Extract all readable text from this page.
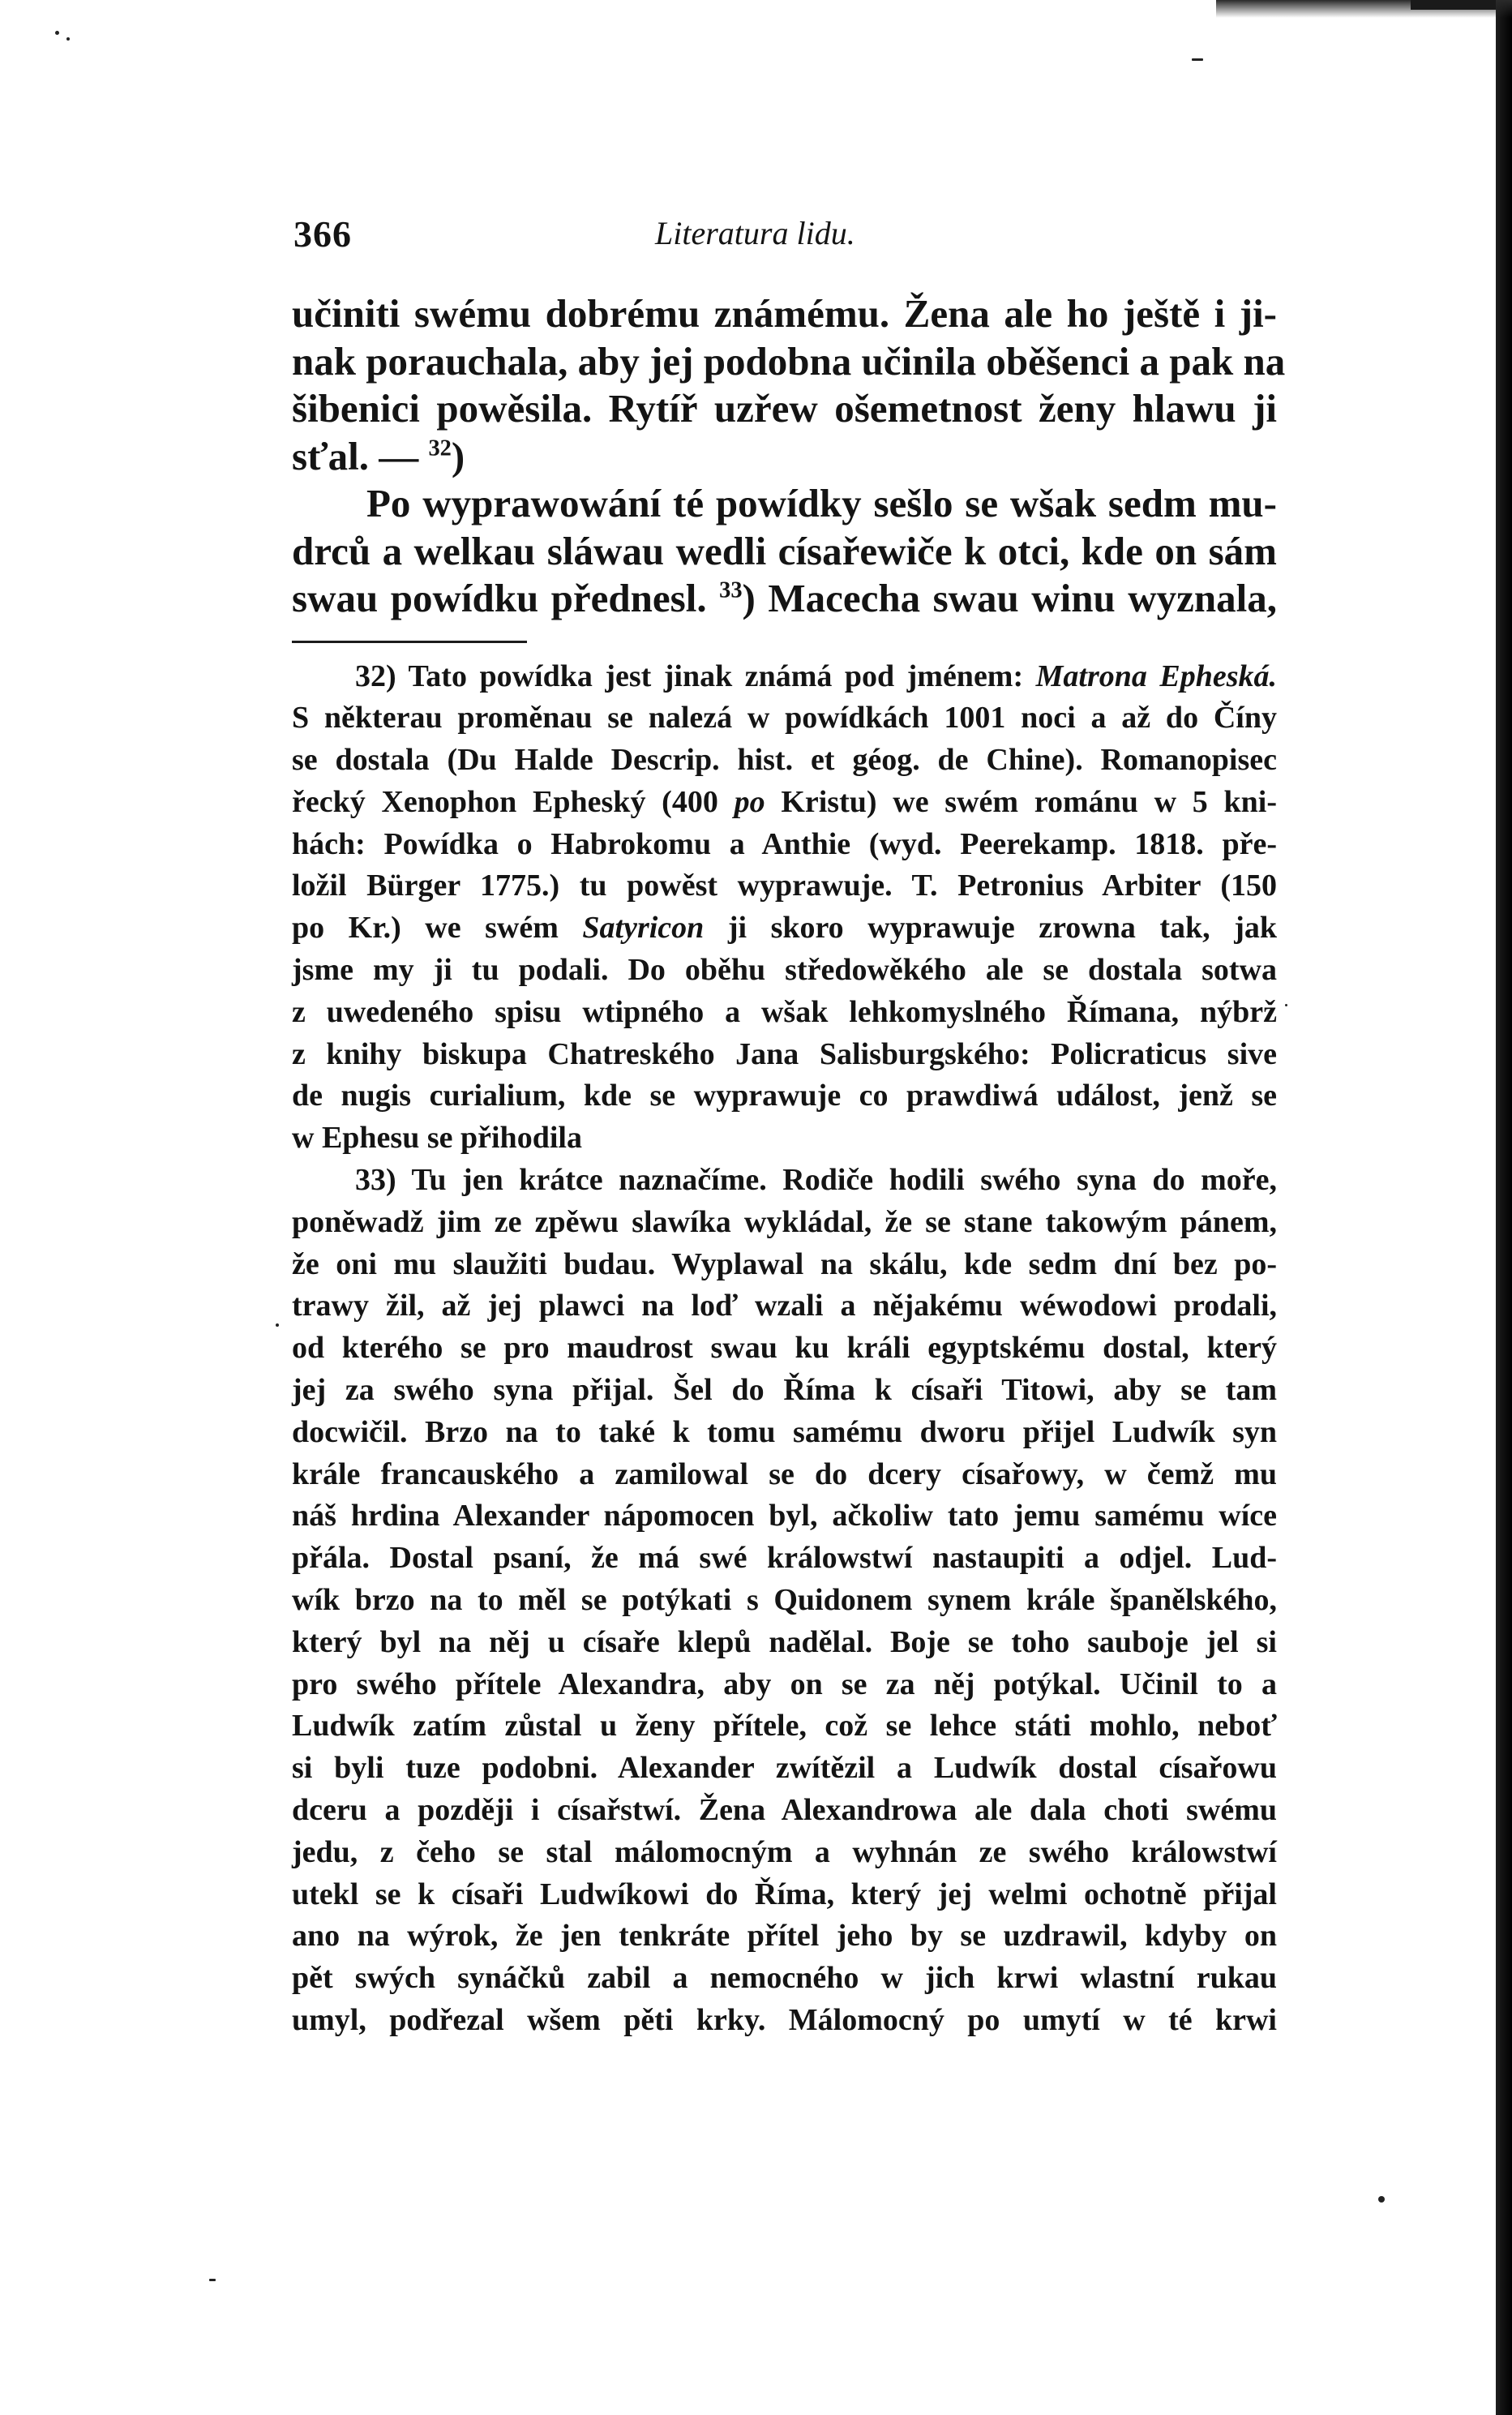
366	Literatura lidu.
učiniti swému dobrému známému. Žena ale ho ještě i ji-
nak porauchala, aby jej podobna učinila oběšenci a pak na
šibenici powěsila. Rytíř uzřew ošemetnost ženy hlawu ji
sťal. — $^{32}$)
Po wyprawowání té powídky sešlo se wšak sedm mu-
drců a welkau sláwau wedli císařewiče k otci, kde on sám
swau powídku přednesl. $^{33}$) Macecha swau winu wyznala,
32) Tato powídka jest jinak známá pod jménem: Matrona Epheská.
S některau proměnau se nalezá w powídkách 1001 noci a až do Číny
se dostala (Du Halde Descrip. hist. et géog. de Chine). Romanopisec
řecký Xenophon Epheský (400 po Kristu) we swém románu w 5 kni-
hách: Powídka o Habrokomu a Anthie (wyd. Peerekamp. 1818. pře-
ložil Bürger 1775.) tu powěst wyprawuje. T. Petronius Arbiter (150
po Kr.) we swém Satyricon ji skoro wyprawuje zrowna tak, jak
jsme my ji tu podali. Do oběhu středowěkého ale se dostala sotwa
z uwedeného spisu wtipného a wšak lehkomyslného Římana, nýbrž
z knihy biskupa Chatreského Jana Salisburgského: Policraticus sive
de nugis curialium, kde se wyprawuje co prawdiwá událost, jenž se
w Ephesu se přihodila
33) Tu jen krátce naznačíme. Rodiče hodili swého syna do moře,
poněwadž jim ze zpěwu slawíka wykládal, že se stane takowým pánem,
že oni mu slaužiti budau. Wyplawal na skálu, kde sedm dní bez po-
trawy žil, až jej plawci na loď wzali a nějakému wéwodowi prodali,
od kterého se pro maudrost swau ku králi egyptskému dostal, který
jej za swého syna přijal. Šel do Říma k císaři Titowi, aby se tam
docwičil. Brzo na to také k tomu samému dworu přijel Ludwík syn
krále francauského a zamilowal se do dcery císařowy, w čemž mu
náš hrdina Alexander nápomocen byl, ačkoliw tato jemu samému wíce
přála. Dostal psaní, že má swé králowstwí nastaupiti a odjel. Lud-
wík brzo na to měl se potýkati s Quidonem synem krále španělského,
který byl na něj u císaře klepů nadělal. Boje se toho sauboje jel si
pro swého přítele Alexandra, aby on se za něj potýkal. Učinil to a
Ludwík zatím zůstal u ženy přítele, což se lehce státi mohlo, neboť
si byli tuze podobni. Alexander zwítězil a Ludwík dostal císařowu
dceru a později i císařstwí. Žena Alexandrowa ale dala choti swému
jedu, z čeho se stal málomocným a wyhnán ze swého králowstwí
utekl se k císaři Ludwíkowi do Říma, který jej welmi ochotně přijal
ano na wýrok, že jen tenkráte přítel jeho by se uzdrawil, kdyby on
pět swých synáčků zabil a nemocného w jich krwi wlastní rukau
umyl, podřezal wšem pěti krky. Málomocný po umytí w té krwi
